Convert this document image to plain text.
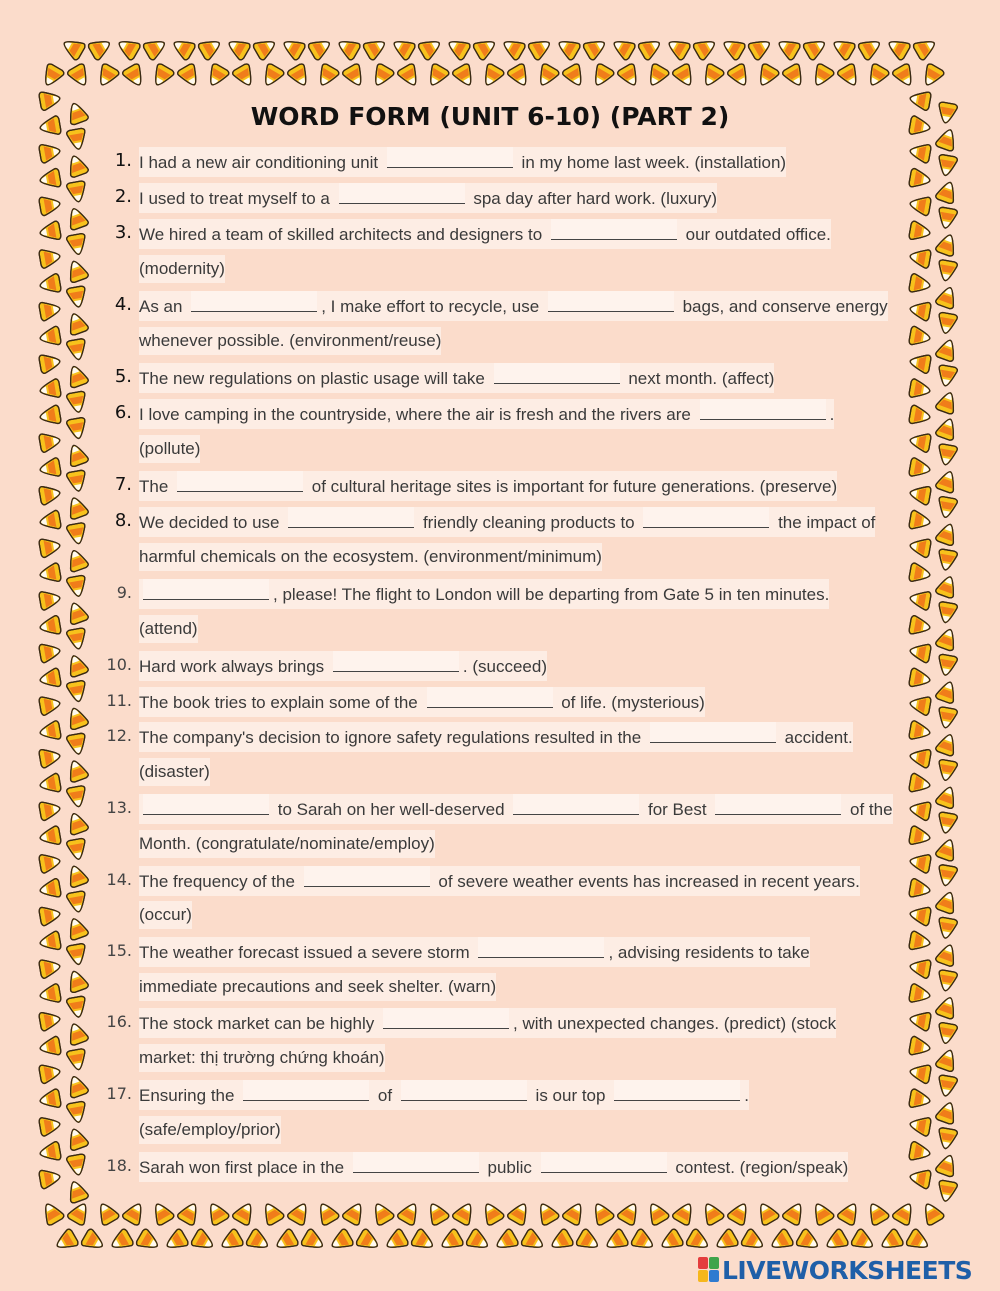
WORD FORM (UNIT 6-10) (PART 2)
1. I had a new air conditioning unit	in my home last week. (installation)
2. I used to treat myself to a	spa day after hard work. (luxury)
3. We hired a team of skilled architects and designers to	our outdated office.
(modernity)
4. As an	, I make effort to recycle, use	bags, and conserve energy
whenever possible. (environment/reuse)
5. The new regulations on plastic usage will take	next month. (affect)
6. I love camping in the countryside, where the air is fresh and the rivers are	.
(pollute)
7. The	of cultural heritage sites is important for future generations. (preserve)
8. We decided to use	friendly cleaning products to	the impact of
harmful chemicals on the ecosystem. (environment/minimum)
9.	, please! The flight to London will be departing from Gate 5 in ten minutes.
(attend)
10. Hard work always brings	. (succeed)
11. The book tries to explain some of the	of life. (mysterious)
12. The company's decision to ignore safety regulations resulted in the	accident.
(disaster)
13.	to Sarah on her well-deserved	for Best	of the
Month. (congratulate/nominate/employ)
14. The frequency of the	of severe weather events has increased in recent years.
(occur)
15. The weather forecast issued a severe storm	, advising residents to take
immediate precautions and seek shelter. (warn)
16. The stock market can be highly	, with unexpected changes. (predict) (stock
market: thị trường chứng khoán)
17. Ensuring the	of	is our top	.
(safe/employ/prior)
18. Sarah won first place in the	public	contest. (region/speak)
LIVEWORKSHEETS
